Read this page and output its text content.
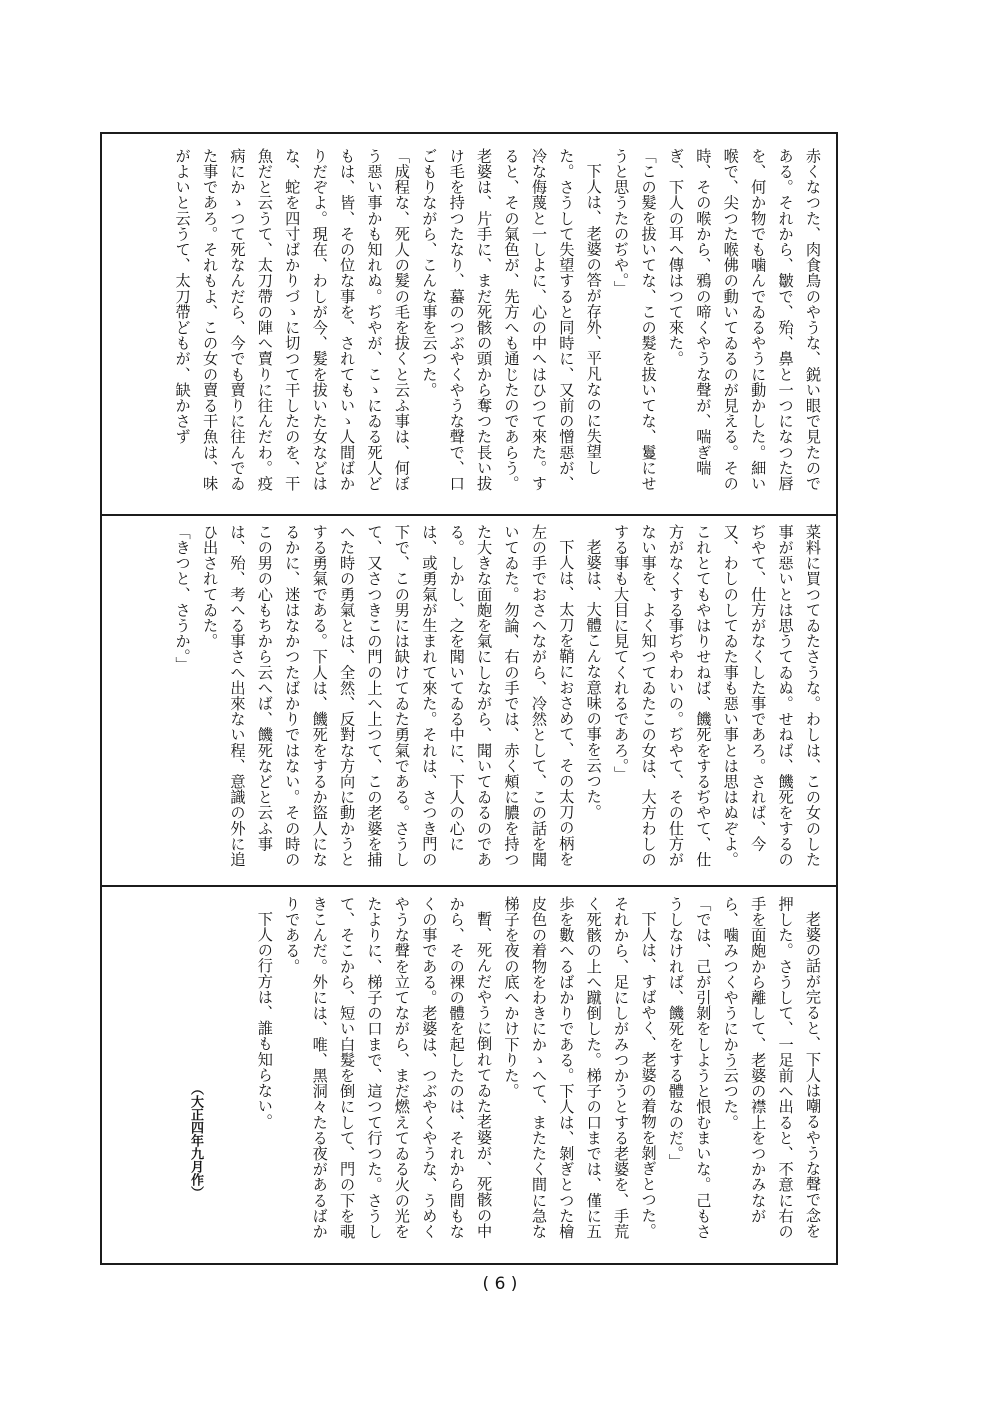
赤くなつた、肉食鳥のやうな、鋭い眼で見たのである。それから、皺で、殆、鼻と一つになつた唇を、何か物でも噛んでゐるやうに動かした。細い喉で、尖つた喉佛の動いてゐるのが見える。その時、その喉から、鴉の啼くやうな聲が、喘ぎ喘ぎ、下人の耳へ傳はつて來た。

「この髮を拔いてな、この髮を拔いてな、鬘にせうと思うたのぢや。」

下人は、老婆の答が存外、平凡なのに失望した。さうして失望すると同時に、又前の憎惡が、冷な侮蔑と一しよに、心の中へはひつて來た。すると、その氣色が、先方へも通じたのであらう。老婆は、片手に、まだ死骸の頭から奪つた長い拔け毛を持つたなり、蟇のつぶやくやうな聲で、口ごもりながら、こんな事を云つた。

「成程な、死人の髮の毛を拔くと云ふ事は、何ぼう惡い事かも知れぬ。ぢやが、こゝにゐる死人どもは、皆、その位な事を、されてもいゝ人間ばかりだぞよ。現在、わしが今、髮を拔いた女などはな、蛇を四寸ばかりづゝに切つて干したのを、干魚だと云うて、太刀帶の陣へ賣りに往んだわ。疫病にかゝつて死なんだら、今でも賣りに往んでゐた事であろ。それもよ、この女の賣る干魚は、味がよいと云うて、太刀帶どもが、缺かさず

菜料に買つてゐたさうな。わしは、この女のした事が惡いとは思うてゐぬ。せねば、饑死をするのぢやて、仕方がなくした事であろ。されば、今又、わしのしてゐた事も惡い事とは思はぬぞよ。これとてもやはりせねば、饑死をするぢやて、仕方がなくする事ぢやわいの。ぢやて、その仕方がない事を、よく知つてゐたこの女は、大方わしのする事も大目に見てくれるであろ。」

老婆は、大體こんな意味の事を云つた。

下人は、太刀を鞘におさめて、その太刀の柄を左の手でおさへながら、冷然として、この話を聞いてゐた。勿論、右の手では、赤く頰に膿を持つた大きな面皰を氣にしながら、聞いてゐるのである。しかし、之を聞いてゐる中に、下人の心には、或勇氣が生まれて來た。それは、さつき門の下で、この男には缺けてゐた勇氣である。さうして、又さつきこの門の上へ上つて、この老婆を捕へた時の勇氣とは、全然、反對な方向に動かうとする勇氣である。下人は、饑死をするか盜人になるかに、迷はなかつたばかりではない。その時のこの男の心もちから云へば、饑死などと云ふ事は、殆、考へる事さへ出來ない程、意識の外に追ひ出されてゐた。

「きつと、さうか。」

老婆の話が完ると、下人は嘲るやうな聲で念を押した。さうして、一足前へ出ると、不意に右の手を面皰から離して、老婆の襟上をつかみながら、噛みつくやうにかう云つた。

「では、己が引剝をしようと恨むまいな。己もさうしなければ、饑死をする體なのだ。」

下人は、すばやく、老婆の着物を剝ぎとつた。それから、足にしがみつかうとする老婆を、手荒く死骸の上へ蹴倒した。梯子の口までは、僅に五歩を數へるばかりである。下人は、剝ぎとつた檜皮色の着物をわきにかゝへて、またたく間に急な梯子を夜の底へかけ下りた。

暫、死んだやうに倒れてゐた老婆が、死骸の中から、その裸の體を起したのは、それから間もなくの事である。老婆は、つぶやくやうな、うめくやうな聲を立てながら、まだ燃えてゐる火の光をたよりに、梯子の口まで、這つて行つた。さうして、そこから、短い白髮を倒にして、門の下を覗きこんだ。外には、唯、黑洞々たる夜があるばかりである。

下人の行方は、誰も知らない。

（大正四年九月作）
( 6 )
